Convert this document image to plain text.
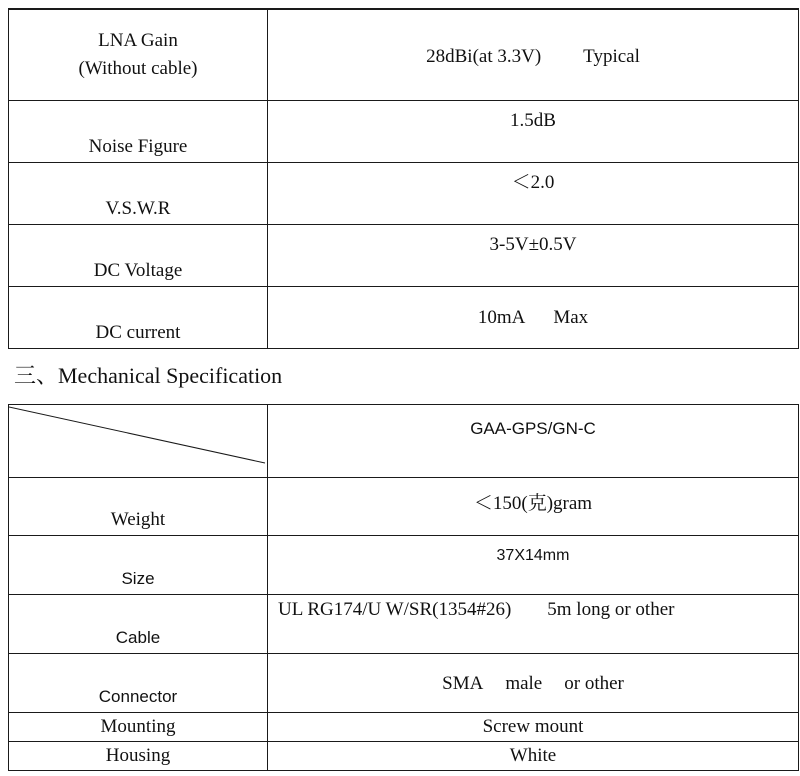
LNA Gain
(Without cable)	28dBi(at 3.3V) Typical

Noise Figure	1.5dB

V.S.W.R	＜2.0

DC Voltage	3-5V±0.5V

DC current	10mA Max
三、Mechanical Specification

GAA-GPS/GN-C

Weight	＜150(克)gram

Size	37X14mm

Cable	UL RG174/U W/SR(1354#26) 5m long or other

Connector	SMA male or other

Mounting	Screw mount

Housing	White
